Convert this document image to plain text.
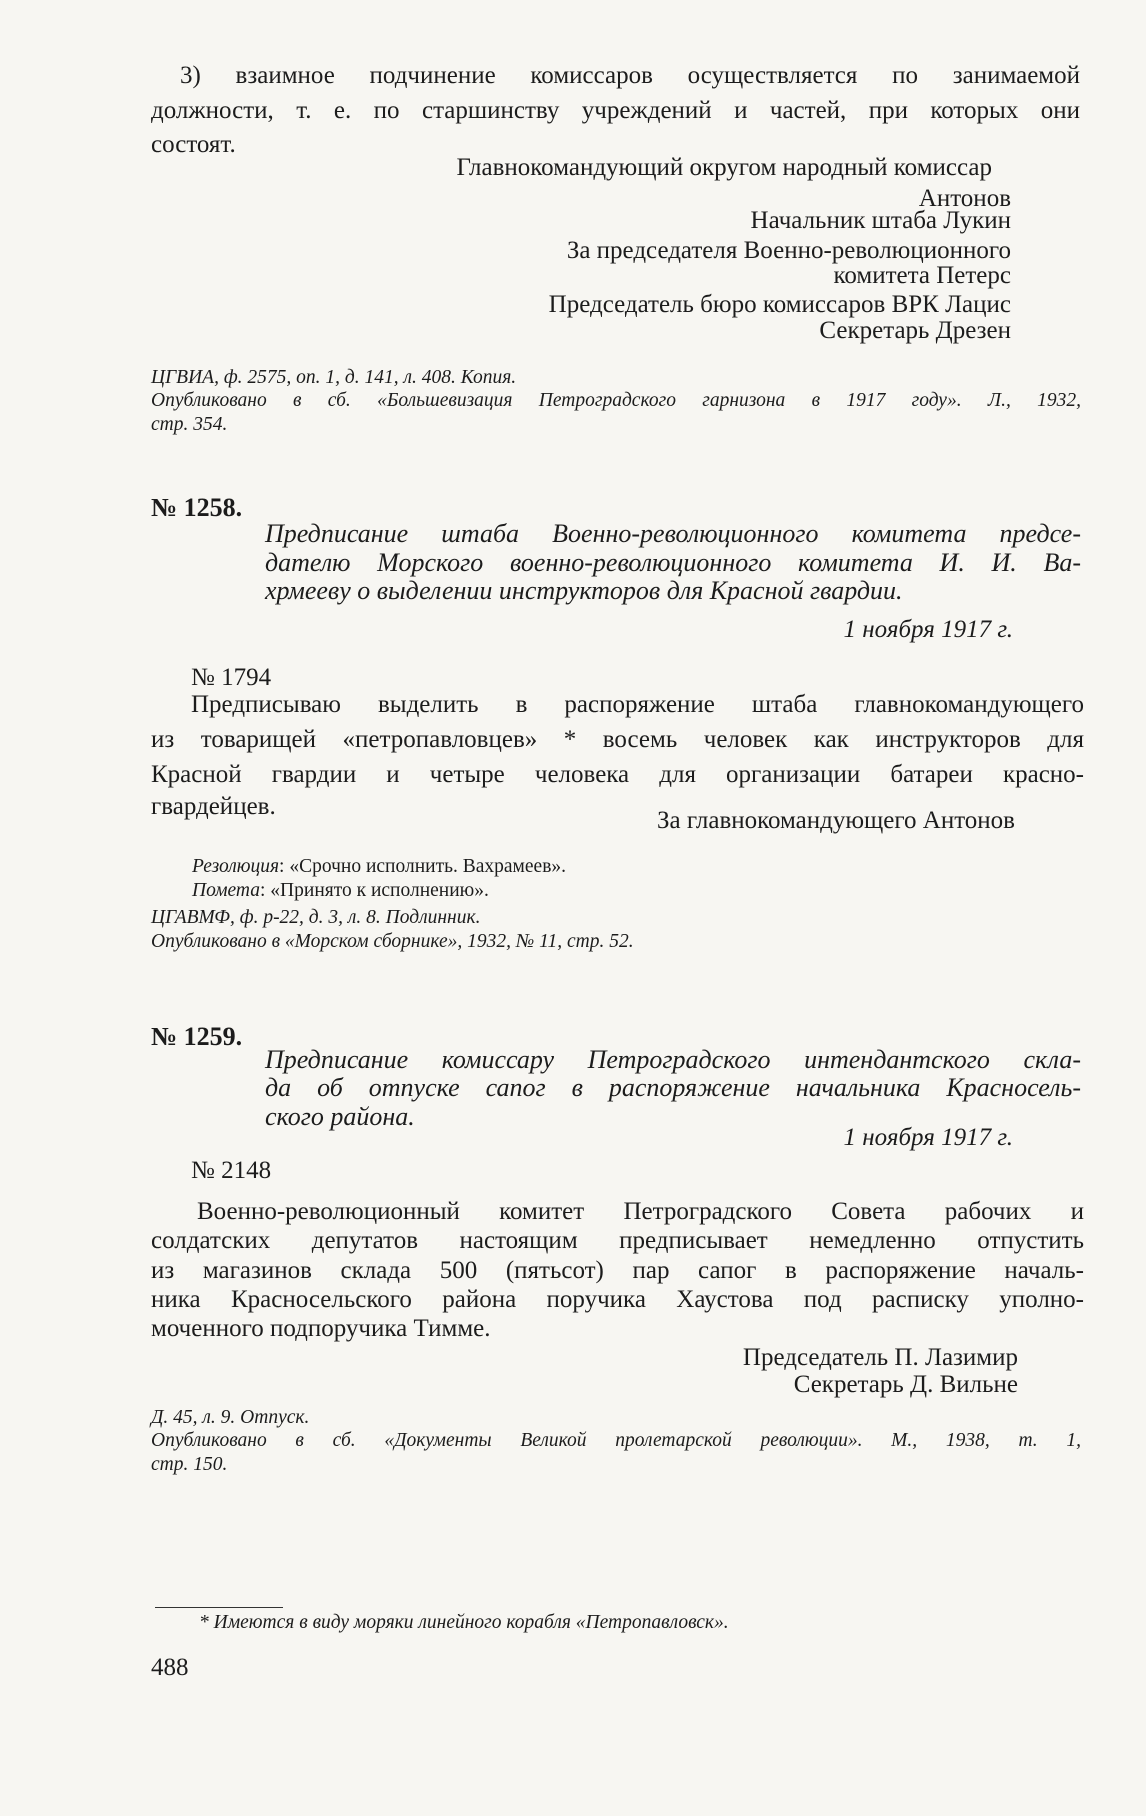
3) взаимное подчинение комиссаров осуществляется по занимаемой
должности, т. е. по старшинству учреждений и частей, при которых они
состоят.
Главнокомандующий округом народный комиссар
Антонов
Начальник штаба Лукин
За председателя Военно-революционного
комитета Петерс
Председатель бюро комиссаров ВРК Лацис
Секретарь Дрезен
ЦГВИА, ф. 2575, оп. 1, д. 141, л. 408. Копия.
Опубликовано в сб. «Большевизация Петроградского гарнизона в 1917 году». Л., 1932,
стр. 354.
№ 1258.
Предписание штаба Военно-революционного комитета предсе-
дателю Морского военно-революционного комитета И. И. Ва-
хрмееву о выделении инструкторов для Красной гвардии.
1 ноября 1917 г.
№ 1794
Предписываю выделить в распоряжение штаба главнокомандующего
из товарищей «петропавловцев» * восемь человек как инструкторов для
Красной гвардии и четыре человека для организации батареи красно-
гвардейцев.
За главнокомандующего Антонов
Резолюция: «Срочно исполнить. Вахрамеев».
Помета: «Принято к исполнению».
ЦГАВМФ, ф. р-22, д. 3, л. 8. Подлинник.
Опубликовано в «Морском сборнике», 1932, № 11, стр. 52.
№ 1259.
Предписание комиссару Петроградского интендантского скла-
да об отпуске сапог в распоряжение начальника Красносель-
ского района.
1 ноября 1917 г.
№ 2148
Военно-революционный комитет Петроградского Совета рабочих и
солдатских депутатов настоящим предписывает немедленно отпустить
из магазинов склада 500 (пятьсот) пар сапог в распоряжение началь-
ника Красносельского района поручика Хаустова под расписку уполно-
моченного подпоручика Тимме.
Председатель П. Лазимир
Секретарь Д. Вильне
Д. 45, л. 9. Отпуск.
Опубликовано в сб. «Документы Великой пролетарской революции». М., 1938, т. 1,
стр. 150.
* Имеются в виду моряки линейного корабля «Петропавловск».
488
